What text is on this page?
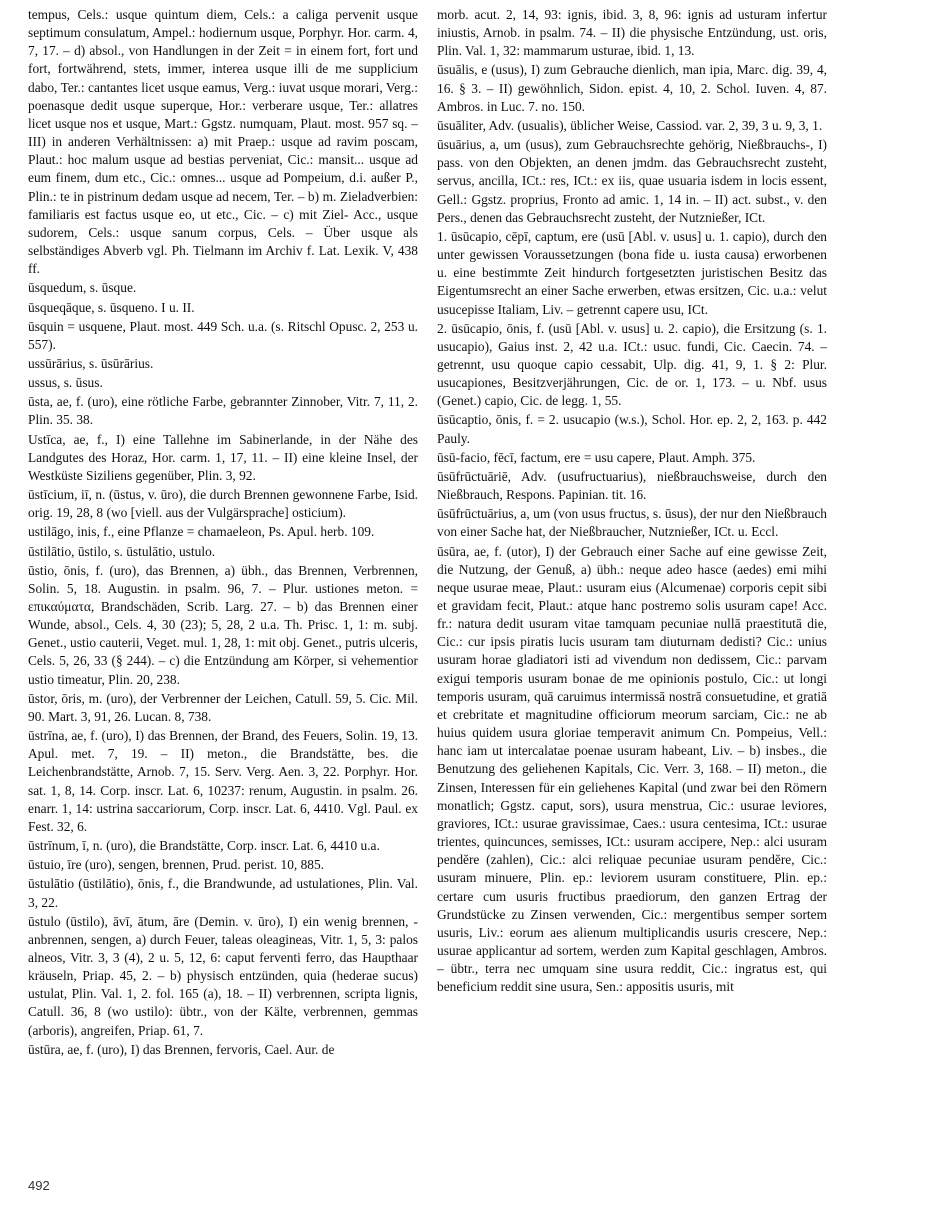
tempus, Cels.: usque quintum diem, Cels.: a caliga pervenit usque septimum consulatum, Ampel.: hodiernum usque, Porphyr. Hor. carm. 4, 7, 17. – d) absol., von Handlungen in der Zeit = in einem fort, fort und fort, fortwährend, stets, immer, interea usque illi de me supplicium dabo, Ter.: cantantes licet usque eamus, Verg.: iuvat usque morari, Verg.: poenasque dedit usque superque, Hor.: verberare usque, Ter.: allatres licet usque nos et usque, Mart.: Ggstz. numquam, Plaut. most. 957 sq. – III) in anderen Verhältnissen: a) mit Praep.: usque ad ravim poscam, Plaut.: hoc malum usque ad bestias perveniat, Cic.: mansit... usque ad eum finem, dum etc., Cic.: omnes... usque ad Pompeium, d.i. außer P., Plin.: te in pistrinum dedam usque ad necem, Ter. – b) m. Zieladverbien: familiaris est factus usque eo, ut etc., Cic. – c) mit Ziel- Acc., usque sudorem, Cels.: usque sanum corpus, Cels. – Über usque als selbständiges Abverb vgl. Ph. Tielmann im Archiv f. Lat. Lexik. V, 438 ff.

ūsquedum, s. ūsque.

ūsqueqāque, s. ūsqueno. I u. II.

ūsquin = usquene, Plaut. most. 449 Sch. u.a. (s. Ritschl Opusc. 2, 253 u. 557).

ussūrārius, s. ūsūrārius.

ussus, s. ūsus.

ūsta, ae, f. (uro), eine rötliche Farbe, gebrannter Zinnober, Vitr. 7, 11, 2. Plin. 35. 38.

Ustīca, ae, f., I) eine Tallehne im Sabinerlande, in der Nähe des Landgutes des Horaz, Hor. carm. 1, 17, 11. – II) eine kleine Insel, der Westküste Siziliens gegenüber, Plin. 3, 92.

ūstīcium, iī, n. (ūstus, v. ūro), die durch Brennen gewonnene Farbe, Isid. orig. 19, 28, 8 (wo [viell. aus der Vulgärsprache] osticium).

ustilāgo, inis, f., eine Pflanze = chamaeleon, Ps. Apul. herb. 109.

ūstilātio, ūstilo, s. ūstulātio, ustulo.

ūstio, ōnis, f. (uro), das Brennen, a) übh., das Brennen, Verbrennen, Solin. 5, 18. Augustin. in psalm. 96, 7. – Plur. ustiones meton. = επικαύματα, Brandschäden, Scrib. Larg. 27. – b) das Brennen einer Wunde, absol., Cels. 4, 30 (23); 5, 28, 2 u.a. Th. Prisc. 1, 1: m. subj. Genet., ustio cauterii, Veget. mul. 1, 28, 1: mit obj. Genet., putris ulceris, Cels. 5, 26, 33 (§ 244). – c) die Entzündung am Körper, si vehementior ustio timeatur, Plin. 20, 238.

ūstor, ōris, m. (uro), der Verbrenner der Leichen, Catull. 59, 5. Cic. Mil. 90. Mart. 3, 91, 26. Lucan. 8, 738.

ūstrīna, ae, f. (uro), I) das Brennen, der Brand, des Feuers, Solin. 19, 13. Apul. met. 7, 19. – II) meton., die Brandstätte, bes. die Leichenbrandstätte, Arnob. 7, 15. Serv. Verg. Aen. 3, 22. Porphyr. Hor. sat. 1, 8, 14. Corp. inscr. Lat. 6, 10237: renum, Augustin. in psalm. 26. enarr. 1, 14: ustrina saccariorum, Corp. inscr. Lat. 6, 4410. Vgl. Paul. ex Fest. 32, 6.

ūstrīnum, ī, n. (uro), die Brandstätte, Corp. inscr. Lat. 6, 4410 u.a.

ūstuio, īre (uro), sengen, brennen, Prud. perist. 10, 885.

ūstulātio (ūstilātio), ōnis, f., die Brandwunde, ad ustulationes, Plin. Val. 3, 22.

ūstulo (ūstilo), āvī, ātum, āre (Demin. v. ūro), I) ein wenig brennen, -anbrennen, sengen, a) durch Feuer, taleas oleagineas, Vitr. 1, 5, 3: palos alneos, Vitr. 3, 3 (4), 2 u. 5, 12, 6: caput ferventi ferro, das Haupthaar kräuseln, Priap. 45, 2. – b) physisch entzünden, quia (hederae sucus) ustulat, Plin. Val. 1, 2. fol. 165 (a), 18. – II) verbrennen, scripta lignis, Catull. 36, 8 (wo ustilo): übtr., von der Kälte, verbrennen, gemmas (arboris), angreifen, Priap. 61, 7.

ūstūra, ae, f. (uro), I) das Brennen, fervoris, Cael. Aur. de

morb. acut. 2, 14, 93: ignis, ibid. 3, 8, 96: ignis ad usturam infertur iniustis, Arnob. in psalm. 74. – II) die physische Entzündung, ust. oris, Plin. Val. 1, 32: mammarum usturae, ibid. 1, 13.

ūsuālis, e (usus), I) zum Gebrauche dienlich, man ipia, Marc. dig. 39, 4, 16. § 3. – II) gewöhnlich, Sidon. epist. 4, 10, 2. Schol. Iuven. 4, 87. Ambros. in Luc. 7. no. 150.

ūsuāliter, Adv. (usualis), üblicher Weise, Cassiod. var. 2, 39, 3 u. 9, 3, 1.

ūsuārius, a, um (usus), zum Gebrauchsrechte gehörig, Nießbrauchs-, I) pass. von den Objekten, an denen jmdm. das Gebrauchsrecht zusteht, servus, ancilla, ICt.: res, ICt.: ex iis, quae usuaria isdem in locis essent, Gell.: Ggstz. proprius, Fronto ad amic. 1, 14 in. – II) act. subst., v. den Pers., denen das Gebrauchsrecht zusteht, der Nutznießer, ICt.

1. ūsūcapio, cēpī, captum, ere (usū [Abl. v. usus] u. 1. capio), durch den unter gewissen Voraussetzungen (bona fide u. iusta causa) erworbenen u. eine bestimmte Zeit hindurch fortgesetzten juristischen Besitz das Eigentumsrecht an einer Sache erwerben, etwas ersitzen, Cic. u.a.: velut usucepisse Italiam, Liv. – getrennt capere usu, ICt.

2. ūsūcapio, ōnis, f. (usū [Abl. v. usus] u. 2. capio), die Ersitzung (s. 1. usucapio), Gaius inst. 2, 42 u.a. ICt.: usuc. fundi, Cic. Caecin. 74. – getrennt, usu quoque capio cessabit, Ulp. dig. 41, 9, 1. § 2: Plur. usucapiones, Besitzverjährungen, Cic. de or. 1, 173. – u. Nbf. usus (Genet.) capio, Cic. de legg. 1, 55.

ūsūcaptio, ōnis, f. = 2. usucapio (w.s.), Schol. Hor. ep. 2, 2, 163. p. 442 Pauly.

ūsū-facio, fēcī, factum, ere = usu capere, Plaut. Amph. 375.

ūsūfrūctuāriē, Adv. (usufructuarius), nießbrauchsweise, durch den Nießbrauch, Respons. Papinian. tit. 16.

ūsūfrūctuārius, a, um (von usus fructus, s. ūsus), der nur den Nießbrauch von einer Sache hat, der Nießbraucher, Nutznießer, ICt. u. Eccl.

ūsūra, ae, f. (utor), I) der Gebrauch einer Sache auf eine gewisse Zeit, die Nutzung, der Genuß, a) übh.: neque adeo hasce (aedes) emi mihi neque usurae meae, Plaut.: usuram eius (Alcumenae) corporis cepit sibi et gravidam fecit, Plaut.: atque hanc postremo solis usuram cape! Acc. fr.: natura dedit usuram vitae tamquam pecuniae nullā praestitutā die, Cic.: cur ipsis piratis lucis usuram tam diuturnam dedisti? Cic.: unius usuram horae gladiatori isti ad vivendum non dedissem, Cic.: parvam exigui temporis usuram bonae de me opinionis postulo, Cic.: ut longi temporis usuram, quā caruimus intermissā nostrā consuetudine, et gratiā et crebritate et magnitudine officiorum meorum sarciam, Cic.: ne ab huius quidem usura gloriae temperavit animum Cn. Pompeius, Vell.: hanc iam ut intercalatae poenae usuram habeant, Liv. – b) insbes., die Benutzung des geliehenen Kapitals, Cic. Verr. 3, 168. – II) meton., die Zinsen, Interessen für ein geliehenes Kapital (und zwar bei den Römern monatlich; Ggstz. caput, sors), usura menstrua, Cic.: usurae leviores, graviores, ICt.: usurae gravissimae, Caes.: usura centesima, ICt.: usurae trientes, quincunces, semisses, ICt.: usuram accipere, Nep.: alci usuram pendĕre (zahlen), Cic.: alci reliquae pecuniae usuram pendĕre, Cic.: usuram minuere, Plin. ep.: leviorem usuram constituere, Plin. ep.: certare cum usuris fructibus praediorum, den ganzen Ertrag der Grundstücke zu Zinsen verwenden, Cic.: mergentibus semper sortem usuris, Liv.: eorum aes alienum multiplicandis usuris crescere, Nep.: usurae applicantur ad sortem, werden zum Kapital geschlagen, Ambros. – übtr., terra nec umquam sine usura reddit, Cic.: ingratus est, qui beneficium reddit sine usura, Sen.: appositis usuris, mit

492
